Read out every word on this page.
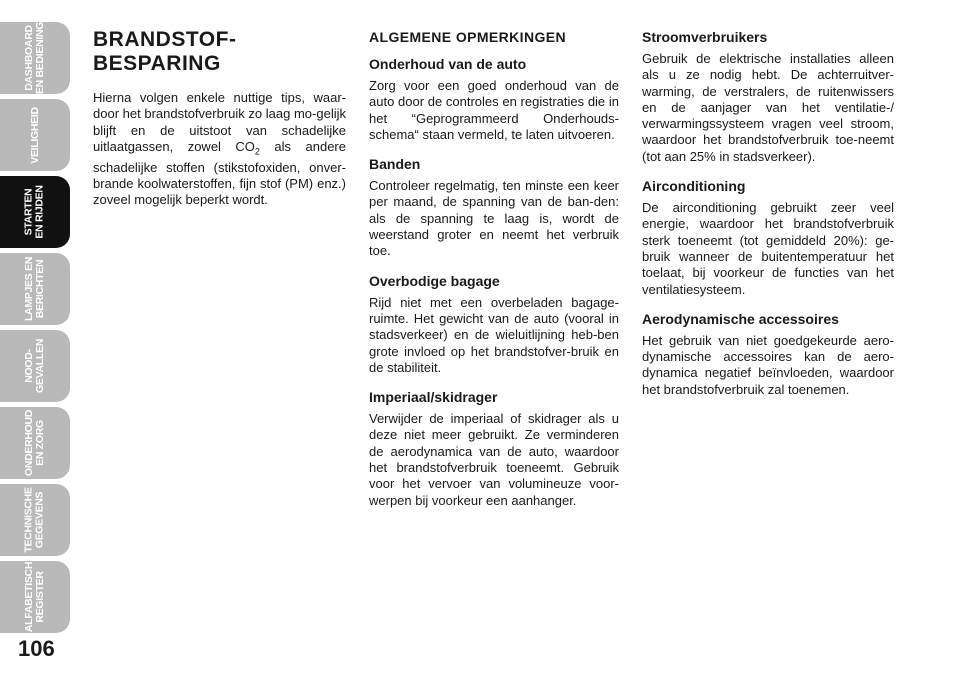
DASHBOARD
EN BEDIENING
VEILIGHEID
STARTEN
EN RIJDEN
LAMPJES EN
BERICHTEN
NOOD-
GEVALLEN
ONDERHOUD
EN ZORG
TECHNISCHE
GEGEVENS
ALFABETISCH
REGISTER
106
BRANDSTOF-
BESPARING

Hierna volgen enkele nuttige tips, waar-door het brandstofverbruik zo laag mo-gelijk blijft en de uitstoot van schadelijke uitlaatgassen, zowel $CO_2$ als andere schadelijke stoffen (stikstofoxiden, onver-brande koolwaterstoffen, fijn stof (PM) enz.) zoveel mogelijk beperkt wordt.

ALGEMENE OPMERKINGEN
Onderhoud van de auto

Zorg voor een goed onderhoud van de auto door de controles en registraties die in het “Geprogrammeerd Onderhouds-schema“ staan vermeld, te laten uitvoeren.

Banden

Controleer regelmatig, ten minste een keer per maand, de spanning van de ban-den: als de spanning te laag is, wordt de weerstand groter en neemt het verbruik toe.

Overbodige bagage

Rijd niet met een overbeladen bagage-ruimte. Het gewicht van de auto (vooral in stadsverkeer) en de wieluitlijning heb-ben grote invloed op het brandstofver-bruik en de stabiliteit.

Imperiaal/skidrager

Verwijder de imperiaal of skidrager als u deze niet meer gebruikt. Ze verminderen de aerodynamica van de auto, waardoor het brandstofverbruik toeneemt. Gebruik voor het vervoer van volumineuze voor-werpen bij voorkeur een aanhanger.

Stroomverbruikers

Gebruik de elektrische installaties alleen als u ze nodig hebt. De achterruitver-warming, de verstralers, de ruitenwissers en de aanjager van het ventilatie-/ verwarmingssysteem vragen veel stroom, waardoor het brandstofverbruik toe-neemt (tot aan 25% in stadsverkeer).

Airconditioning

De airconditioning gebruikt zeer veel energie, waardoor het brandstofverbruik sterk toeneemt (tot gemiddeld 20%): ge-bruik wanneer de buitentemperatuur het toelaat, bij voorkeur de functies van het ventilatiesysteem.

Aerodynamische accessoires

Het gebruik van niet goedgekeurde aero-dynamische accessoires kan de aero-dynamica negatief beïnvloeden, waardoor het brandstofverbruik zal toenemen.
